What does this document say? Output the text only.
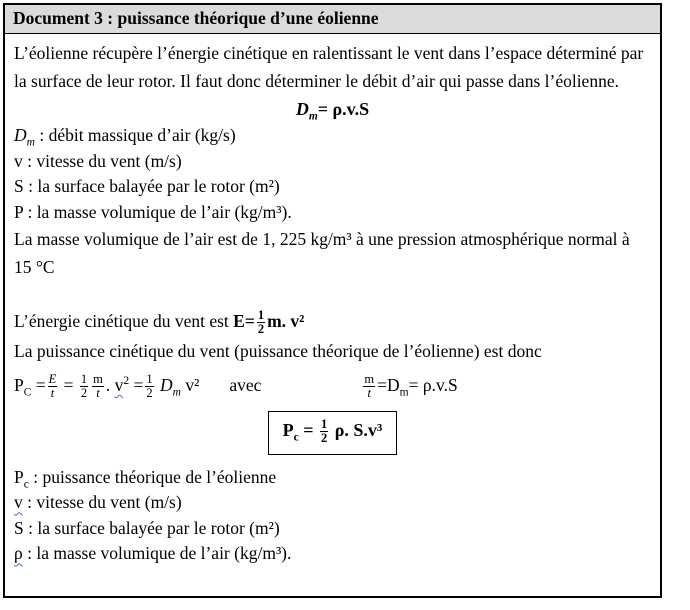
Document 3 : puissance théorique d’une éolienne

L’éolienne récupère l’énergie cinétique en ralentissant le vent dans l’espace déterminé par la surface de leur rotor. Il faut donc déterminer le débit d’air qui passe dans l’éolienne.

$D_m= \rho.v.S$
$D_m$ : débit massique d’air (kg/s)
v : vitesse du vent (m/s)
S : la surface balayée par le rotor (m²)
P : la masse volumique de l’air (kg/m³).

La masse volumique de l’air est de 1, 225 kg/m³ à une pression atmosphérique normal à 15 °C

L’énergie cinétique du vent est $E= \frac{1}{2} m$. v²

La puissance cinétique du vent (puissance théorique de l’éolienne) est donc

$P_C = \frac{E}{t} = \frac{1}{2} \frac{m}{t}$ . $v^2 = \frac{1}{2} D_m$ v² avec	$\frac{m}{t} =D_m= \rho.v.S$
$P_c = \frac{1}{2} \rho$. S.v³
$P_c$ : puissance théorique de l’éolienne
v : vitesse du vent (m/s)
S : la surface balayée par le rotor (m²)
ρ : la masse volumique de l’air (kg/m³).
